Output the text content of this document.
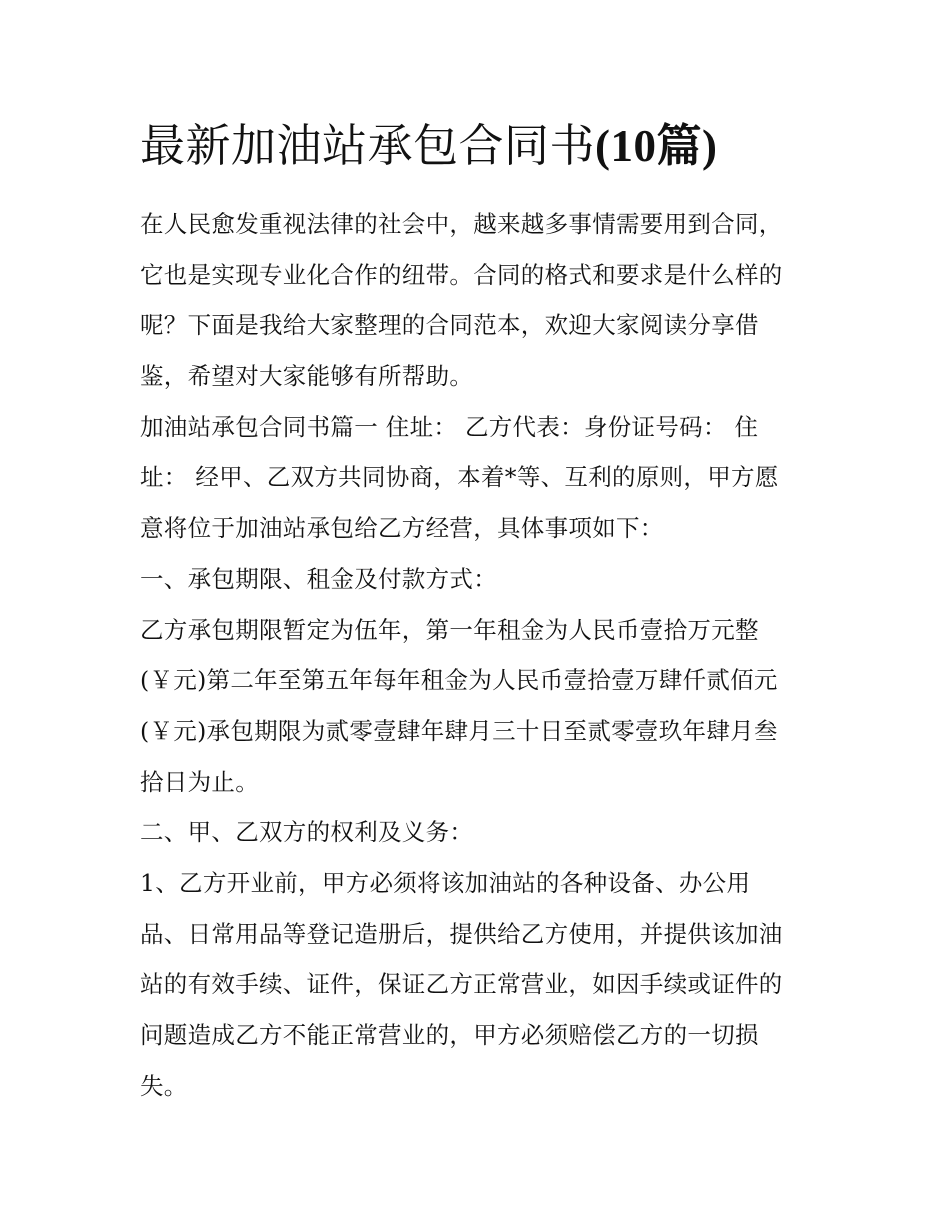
最新加油站承包合同书(10篇)
在人民愈发重视法律的社会中，越来越多事情需要用到合同，
它也是实现专业化合作的纽带。合同的格式和要求是什么样的
呢？下面是我给大家整理的合同范本，欢迎大家阅读分享借
鉴，希望对大家能够有所帮助。
加油站承包合同书篇一 住址： 乙方代表：身份证号码： 住
址： 经甲、乙双方共同协商，本着*等、互利的原则，甲方愿
意将位于加油站承包给乙方经营，具体事项如下：
一、承包期限、租金及付款方式：
乙方承包期限暂定为伍年，第一年租金为人民币壹拾万元整
(￥元)第二年至第五年每年租金为人民币壹拾壹万肆仟贰佰元
(￥元)承包期限为贰零壹肆年肆月三十日至贰零壹玖年肆月叁
拾日为止。
二、甲、乙双方的权利及义务：
1、乙方开业前，甲方必须将该加油站的各种设备、办公用
品、日常用品等登记造册后，提供给乙方使用，并提供该加油
站的有效手续、证件，保证乙方正常营业，如因手续或证件的
问题造成乙方不能正常营业的，甲方必须赔偿乙方的一切损
失。
